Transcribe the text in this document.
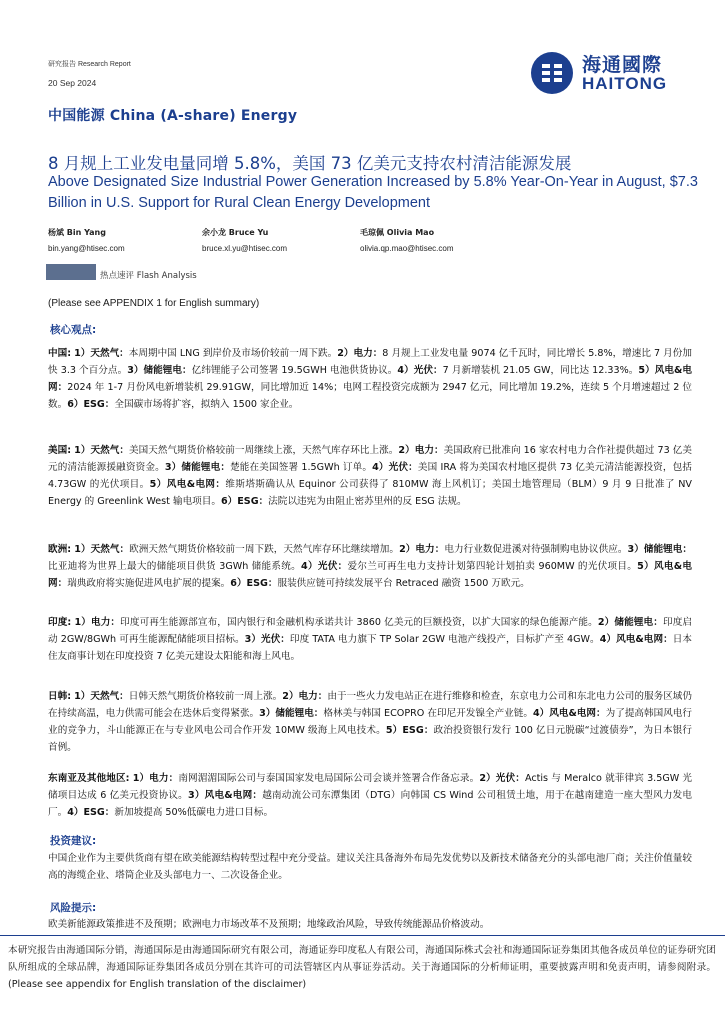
研究报告 Research Report
20 Sep 2024
中国能源 China (A-share) Energy
海通國際
HAITONG
8 月规上工业发电量同增 5.8%，美国 73 亿美元支持农村清洁能源发展
Above Designated Size Industrial Power Generation Increased by 5.8% Year-On-Year in August, $7.3 Billion in U.S. Support for Rural Clean Energy Development
杨斌 Bin Yang
bin.yang@htisec.com
余小龙 Bruce Yu
bruce.xl.yu@htisec.com
毛琼佩 Olivia Mao
olivia.qp.mao@htisec.com
热点速评 Flash Analysis
(Please see APPENDIX 1 for English summary)
核心观点:
中国: 1）天然气：本周期中国 LNG 到岸价及市场价较前一周下跌。2）电力：8 月规上工业发电量 9074 亿千瓦时，同比增长 5.8%，增速比 7 月份加快 3.3 个百分点。3）储能锂电：亿纬锂能子公司签署 19.5GWH 电池供货协议。4）光伏：7 月新增装机 21.05 GW，同比达 12.33%。5）风电&电网：2024 年 1-7 月份风电新增装机 29.91GW，同比增加近 14%；电网工程投资完成额为 2947 亿元，同比增加 19.2%，连续 5 个月增速超过 2 位数。6）ESG：全国碳市场将扩容，拟纳入 1500 家企业。
美国: 1）天然气：美国天然气期货价格较前一周继续上涨，天然气库存环比上涨。2）电力：美国政府已批准向 16 家农村电力合作社提供超过 73 亿美元的清洁能源援融资资金。3）储能锂电：楚能在美国签署 1.5GWh 订单。4）光伏：美国 IRA 将为美国农村地区提供 73 亿美元清洁能源投资，包括 4.73GW 的光伏项目。5）风电&电网：维斯塔斯确认从 Equinor 公司获得了 810MW 海上风机订；美国土地管理局（BLM）9 月 9 日批准了 NV Energy 的 Greenlink West 输电项目。6）ESG：法院以违宪为由阻止密苏里州的反 ESG 法规。
欧洲: 1）天然气：欧洲天然气期货价格较前一周下跌，天然气库存环比继续增加。2）电力：电力行业数促进溪对待强制购电协议供应。3）储能锂电：比亚迪将为世界上最大的储能项目供货 3GWh 储能系统。4）光伏：爱尔兰可再生电力支持计划第四轮计划拍卖 960MW 的光伏项目。5）风电&电网：瑞典政府将实施促进风电扩展的提案。6）ESG：服装供应链可持续发展平台 Retraced 融资 1500 万欧元。
印度: 1）电力：印度可再生能源部宣布，国内银行和金融机构承诺共计 3860 亿美元的巨额投资，以扩大国家的绿色能源产能。2）储能锂电：印度启动 2GW/8GWh 可再生能源配储能项目招标。3）光伏：印度 TATA 电力旗下 TP Solar 2GW 电池产线投产，目标扩产至 4GW。4）风电&电网：日本住友商事计划在印度投资 7 亿美元建设太阳能和海上风电。
日韩: 1）天然气：日韩天然气期货价格较前一周上涨。2）电力：由于一些火力发电站正在进行维修和检查，东京电力公司和东北电力公司的服务区域仍在持续高温，电力供需可能会在迭休后变得紧张。3）储能锂电：格林美与韩国 ECOPRO 在印尼开发镍全产业链。4）风电&电网：为了提高韩国风电行业的竞争力，斗山能源正在与专业风电公司合作开发 10MW 级海上风电技术。5）ESG：政治投资银行发行 100 亿日元脱碳“过渡债券”，为日本银行首例。
东南亚及其他地区: 1）电力：南网湄湄国际公司与泰国国家发电局国际公司会谈并签署合作备忘录。2）光伏：Actis 与 Meralco 就菲律宾 3.5GW 光储项目达成 6 亿美元投资协议。3）风电&电网：越南动流公司东潭集团（DTG）向韩国 CS Wind 公司租赁土地，用于在越南建造一座大型风力发电厂。4）ESG：新加坡提高 50%低碳电力进口目标。
投资建议:
中国企业作为主要供货商有望在欧美能源结构转型过程中充分受益。建议关注具备海外布局先发优势以及新技术储备充分的头部电池厂商；关注价值量较高的海缆企业、塔筒企业及头部电力一、二次设备企业。
风险提示:
欧美新能源政策推进不及预期；欧洲电力市场改革不及预期；地缘政治风险，导致传统能源品价格波动。
本研究报告由海通国际分销，海通国际是由海通国际研究有限公司，海通证券印度私人有限公司，海通国际株式会社和海通国际证券集团其他各成员单位的证券研究团队所组成的全球品牌，海通国际证券集团各成员分别在其许可的司法管辖区内从事证券活动。关于海通国际的分析师证明，重要披露声明和免责声明，请参阅附录。(Please see appendix for English translation of the disclaimer)
